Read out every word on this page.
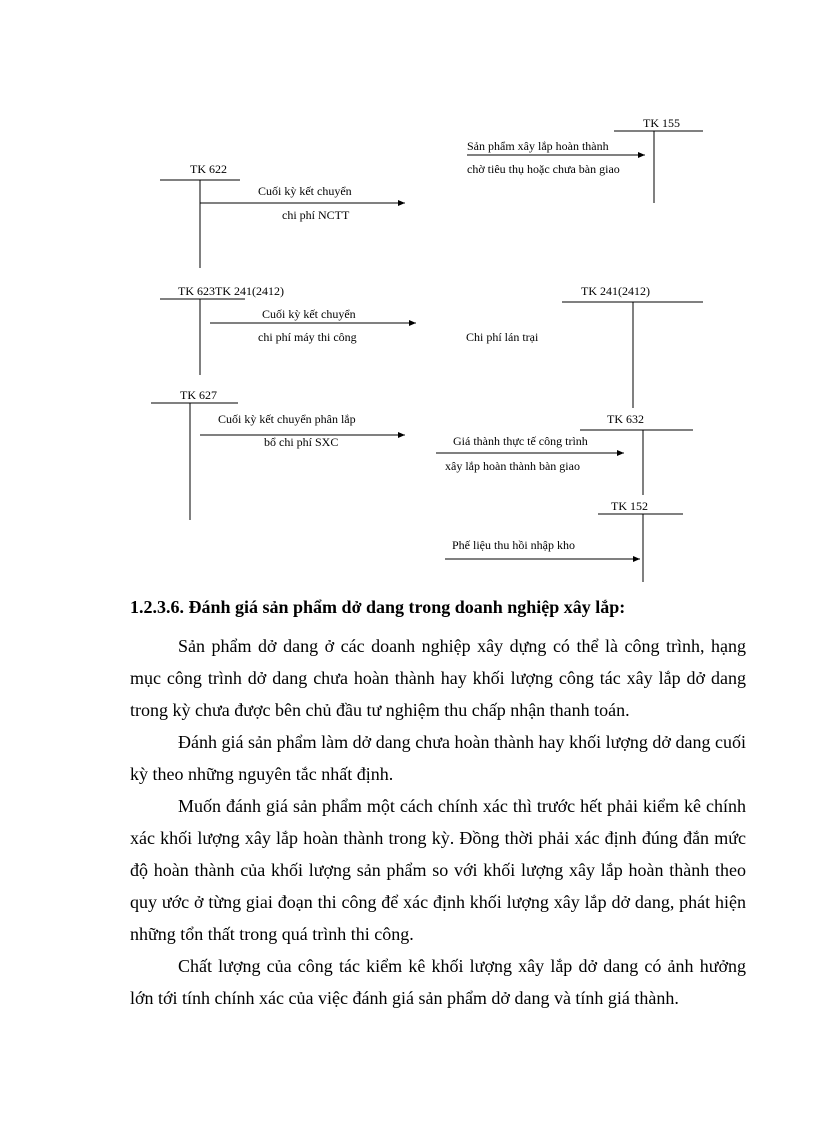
TK 622
Cuối kỳ kết chuyển
chi phí NCTT
TK 155
Sản phẩm xây lắp hoàn thành
chờ tiêu thụ hoặc chưa bàn giao
TK 623TK 241(2412)
Cuối kỳ kết chuyển
chi phí máy thi công
TK 241(2412)
Chi phí lán trại
TK 627
Cuối kỳ kết chuyển phân lắp
bổ chi phí SXC
TK 632
Giá thành thực tế công trình
xây lắp hoàn thành bàn giao
TK 152
Phế liệu thu hồi nhập kho

1.2.3.6. Đánh giá sản phẩm dở dang trong doanh nghiệp xây lắp:

Sản phẩm dở dang ở các doanh nghiệp xây dựng có thể là công trình, hạng mục công trình dở dang chưa hoàn thành hay khối lượng công tác xây lắp dở dang trong kỳ chưa được bên chủ đầu tư nghiệm thu chấp nhận thanh toán.

Đánh giá sản phẩm làm dở dang chưa hoàn thành hay khối lượng dở dang cuối kỳ theo những nguyên tắc nhất định.

Muốn đánh giá sản phẩm một cách chính xác thì trước hết phải kiểm kê chính xác khối lượng xây lắp hoàn thành trong kỳ. Đồng thời phải xác định đúng đắn mức độ hoàn thành của khối lượng sản phẩm so với khối lượng xây lắp hoàn thành theo quy ước ở từng giai đoạn thi công để xác định khối lượng xây lắp dở dang, phát hiện những tổn thất trong quá trình thi công.

Chất lượng của công tác kiểm kê khối lượng xây lắp dở dang có ảnh hưởng lớn tới tính chính xác của việc đánh giá sản phẩm dở dang và tính giá thành.
